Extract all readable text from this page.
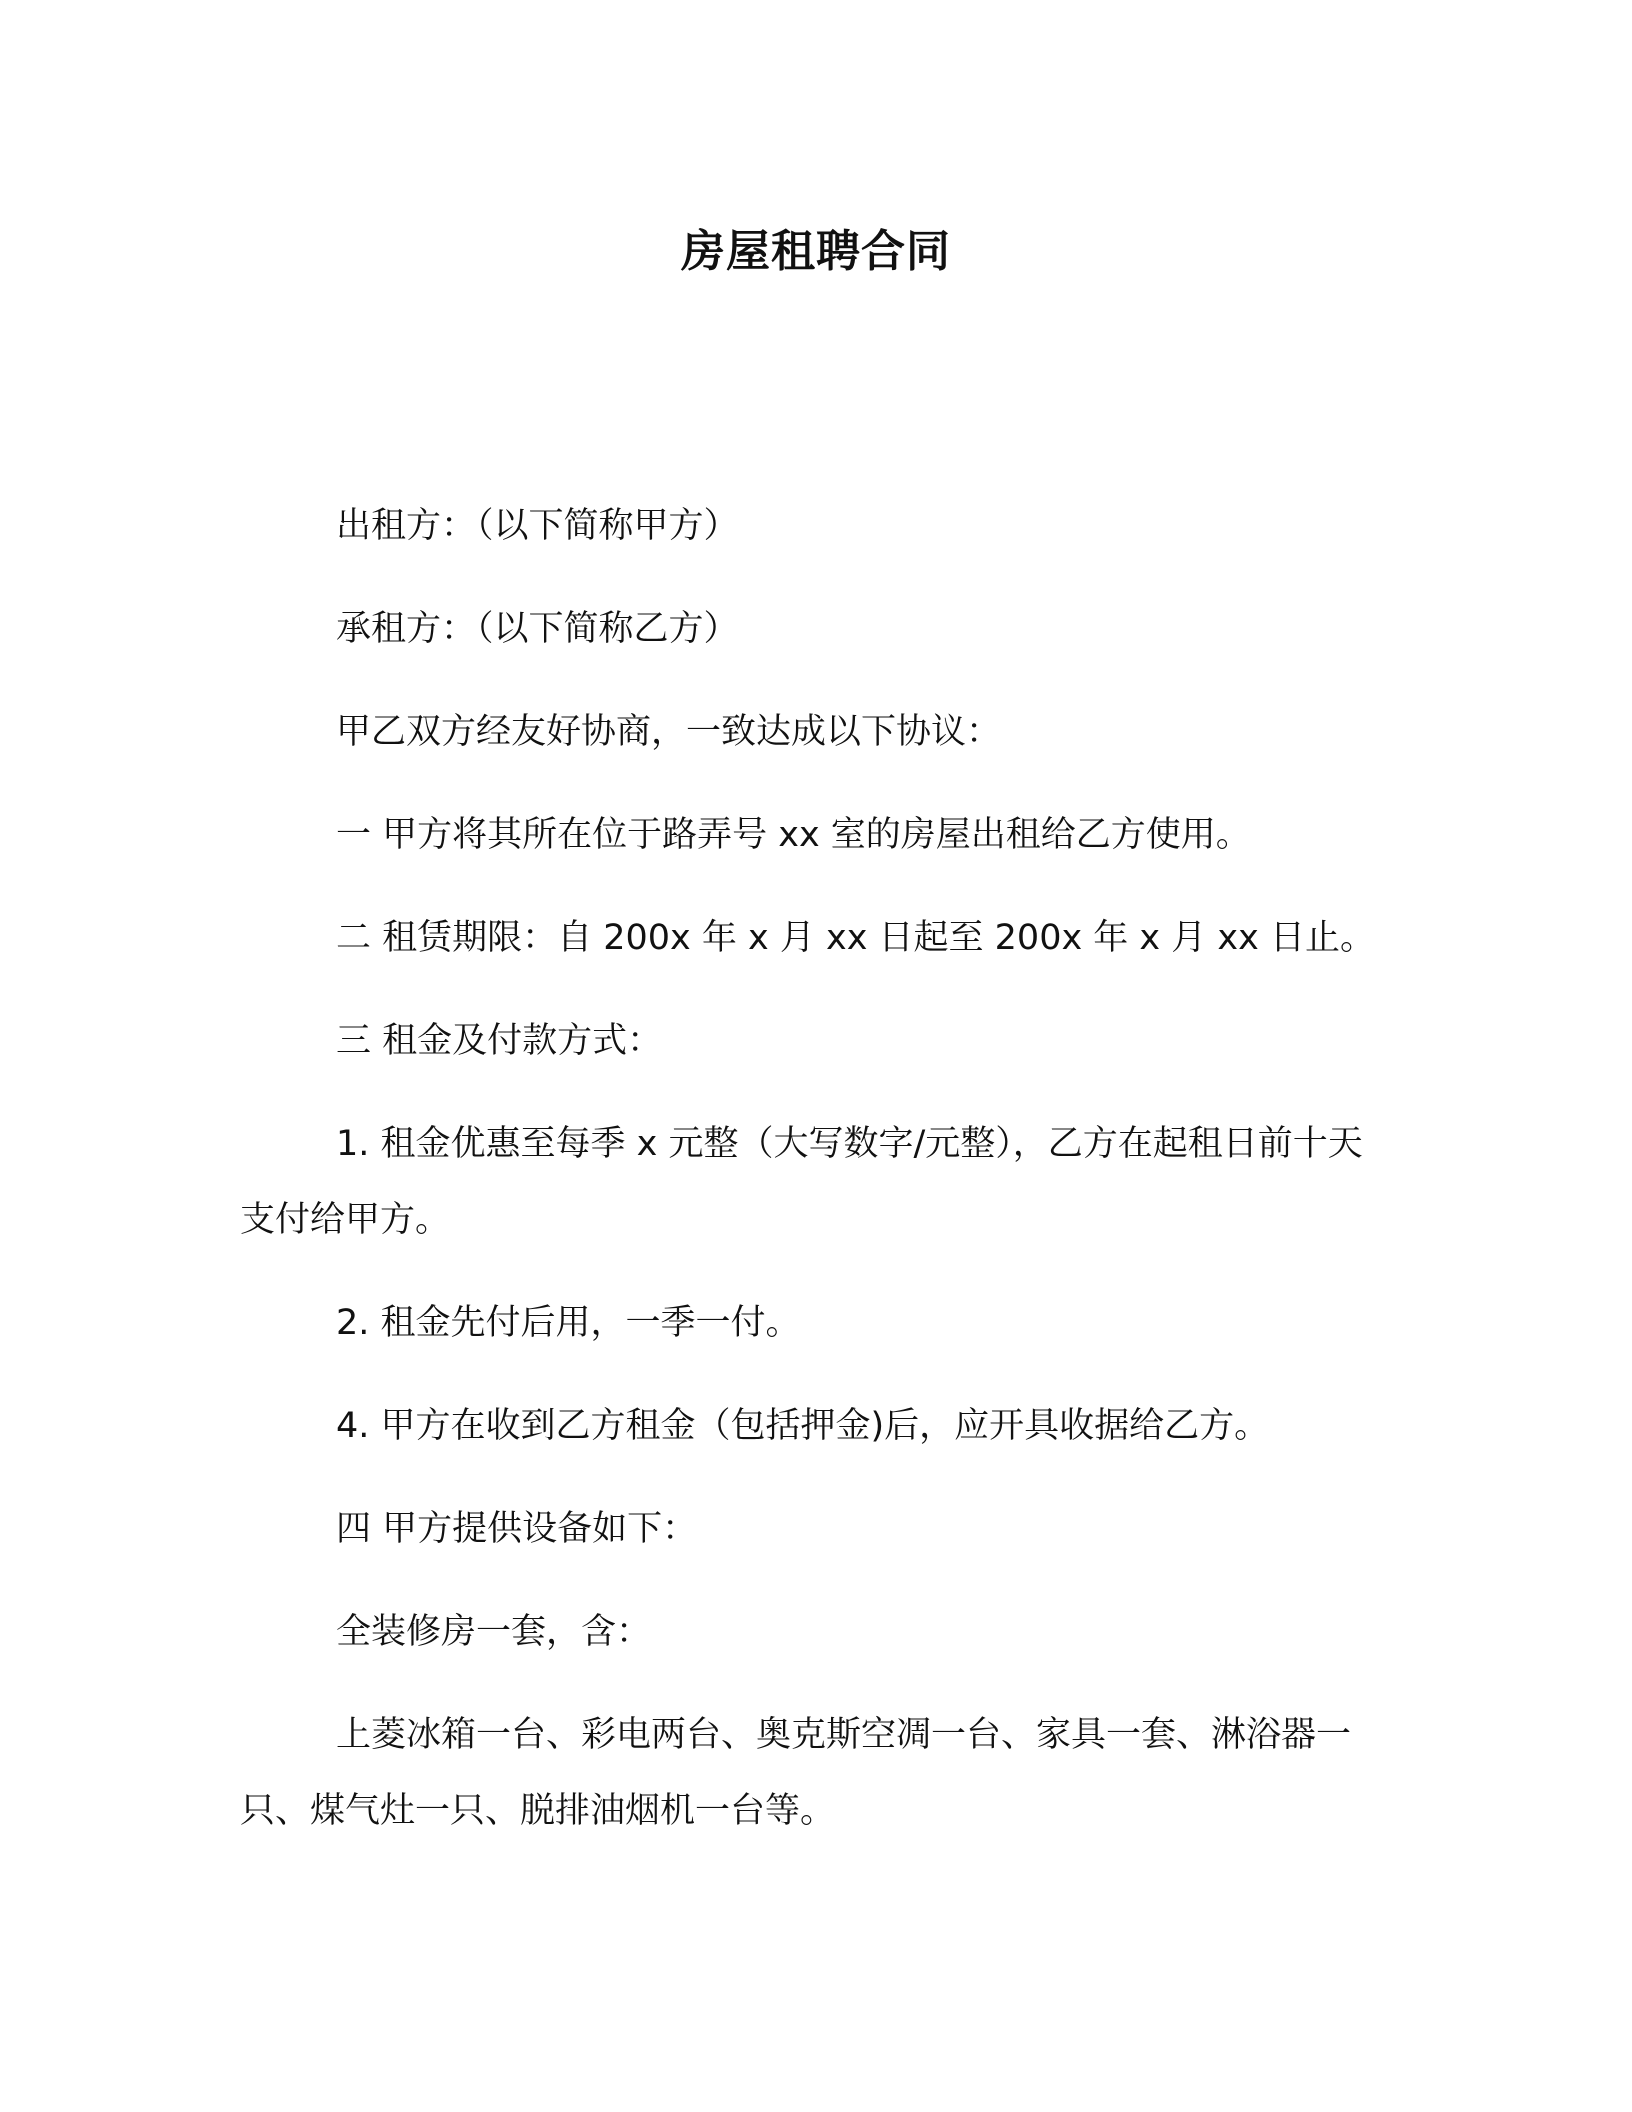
房屋租聘合同

出租方：（以下简称甲方）

承租方：（以下简称乙方）

甲乙双方经友好协商，一致达成以下协议：

一 甲方将其所在位于路弄号 xx 室的房屋出租给乙方使用。

二 租赁期限：自 200x 年 x 月 xx 日起至 200x 年 x 月 xx 日止。

三 租金及付款方式：

1. 租金优惠至每季 x 元整（大写数字/元整），乙方在起租日前十天支付给甲方。

2. 租金先付后用，一季一付。

4. 甲方在收到乙方租金（包括押金)后，应开具收据给乙方。

四 甲方提供设备如下：

全装修房一套，含：

上菱冰箱一台、彩电两台、奥克斯空凋一台、家具一套、淋浴器一只、煤气灶一只、脱排油烟机一台等。
